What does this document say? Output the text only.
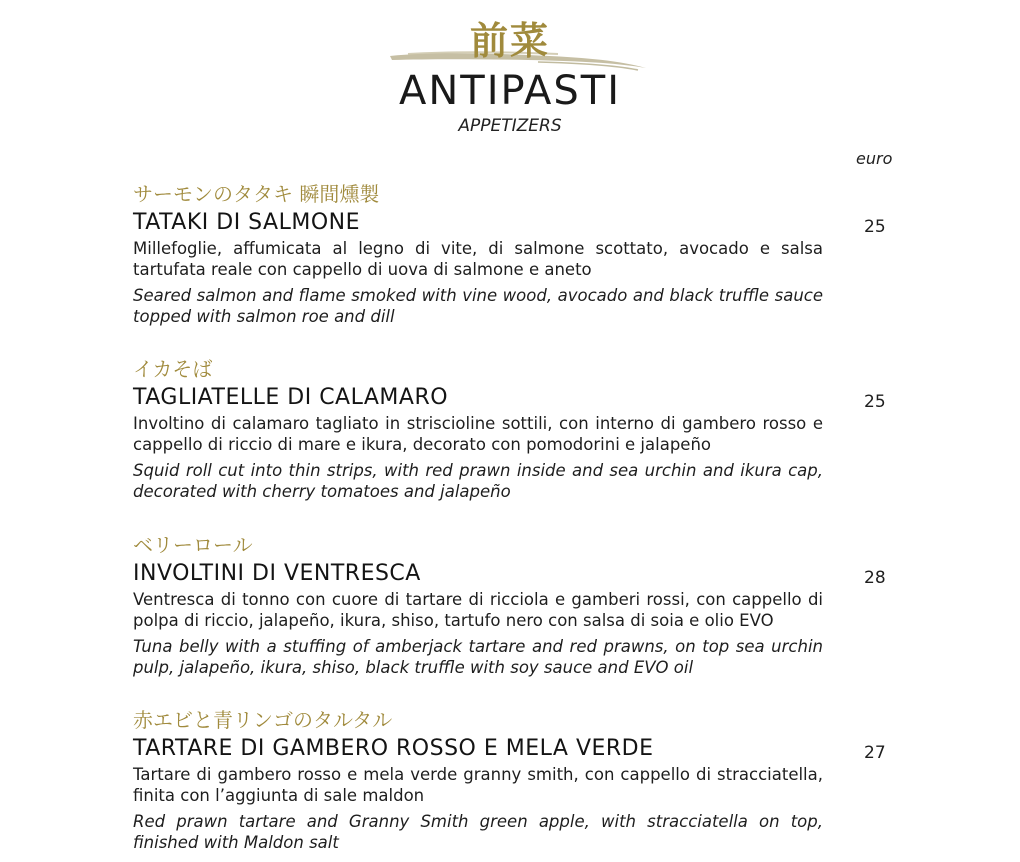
前菜
ANTIPASTI
APPETIZERS
euro
サーモンのタタキ 瞬間燻製
TATAKI DI SALMONE
Millefoglie, affumicata al legno di vite, di salmone scottato, avocado e salsa tartufata reale con cappello di uova di salmone e aneto
Seared salmon and flame smoked with vine wood, avocado and black truffle sauce topped with salmon roe and dill
25
イカそば
TAGLIATELLE DI CALAMARO
Involtino di calamaro tagliato in striscioline sottili, con interno di gambero rosso e cappello di riccio di mare e ikura, decorato con pomodorini e jalapeño
Squid roll cut into thin strips, with red prawn inside and sea urchin and ikura cap, decorated with cherry tomatoes and jalapeño
25
ベリーロール
INVOLTINI DI VENTRESCA
Ventresca di tonno con cuore di tartare di ricciola e gamberi rossi, con cappello di polpa di riccio, jalapeño, ikura, shiso, tartufo nero con salsa di soia e olio EVO
Tuna belly with a stuffing of amberjack tartare and red prawns, on top sea urchin pulp, jalapeño, ikura, shiso, black truffle with soy sauce and EVO oil
28
赤エビと青リンゴのタルタル
TARTARE DI GAMBERO ROSSO E MELA VERDE
Tartare di gambero rosso e mela verde granny smith, con cappello di stracciatella, finita con l’aggiunta di sale maldon
Red prawn tartare and Granny Smith green apple, with stracciatella on top, finished with Maldon salt
27
